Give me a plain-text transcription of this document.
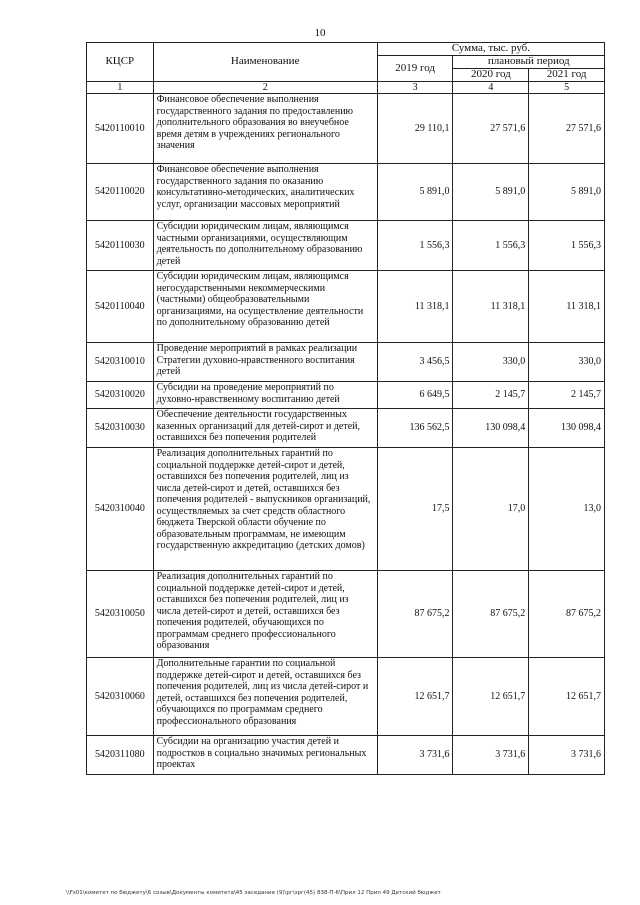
10
КЦСР	Наименование	Сумма, тыс. руб.		
		2019 год	плановый период	
			2020 год	2021 год
1	2	3	4	5
5420110010	Финансовое обеспечение выполнения государственного задания по предоставлению дополнительного образования во внеучебное время детям в учреждениях регионального значения	29 110,1	27 571,6	27 571,6
5420110020	Финансовое обеспечение выполнения государственного задания по оказанию консультативно-методических, аналитических услуг, организации массовых мероприятий	5 891,0	5 891,0	5 891,0
5420110030	Субсидии юридическим лицам, являющимся частными организациями, осуществляющим деятельность по дополнительному образованию детей	1 556,3	1 556,3	1 556,3
5420110040	Субсидии юридическим лицам, являющимся негосударственными некоммерческими (частными) общеобразовательными организациями, на осуществление деятельности по дополнительному образованию детей	11 318,1	11 318,1	11 318,1
5420310010	Проведение мероприятий в рамках реализации Стратегии духовно-нравственного воспитания детей	3 456,5	330,0	330,0
5420310020	Субсидии на проведение мероприятий по духовно-нравственному воспитанию детей	6 649,5	2 145,7	2 145,7
5420310030	Обеспечение деятельности государственных казенных организаций для детей-сирот и детей, оставшихся без попечения родителей	136 562,5	130 098,4	130 098,4
5420310040	Реализация дополнительных гарантий по социальной поддержке детей-сирот и детей, оставшихся без попечения родителей, лиц из числа детей-сирот и детей, оставшихся без попечения родителей - выпускников организаций, осуществляемых за счет средств областного бюджета Тверской области обучение по образовательным программам, не имеющим государственную аккредитацию (детских домов)	17,5	17,0	13,0
5420310050	Реализация дополнительных гарантий по социальной поддержке детей-сирот и детей, оставшихся без попечения родителей, лиц из числа детей-сирот и детей, оставшихся без попечения родителей, обучающихся по программам среднего профессионального образования	87 675,2	87 675,2	87 675,2
5420310060	Дополнительные гарантии по социальной поддержке детей-сирот и детей, оставшихся без попечения родителей, лиц из числа детей-сирот и детей, оставшихся без попечения родителей, обучающихся по программам среднего профессионального образования	12 651,7	12 651,7	12 651,7
5420311080	Субсидии на организацию участия детей и подростков в социально значимых региональных проектах	3 731,6	3 731,6	3 731,6
\\Fs01\комитет по бюджету\6 созыв\Документы комитета\45 заседание (9)\рг\зрг(45) 838-П-6\Прил 12 Прил 49 Детский бюджет
